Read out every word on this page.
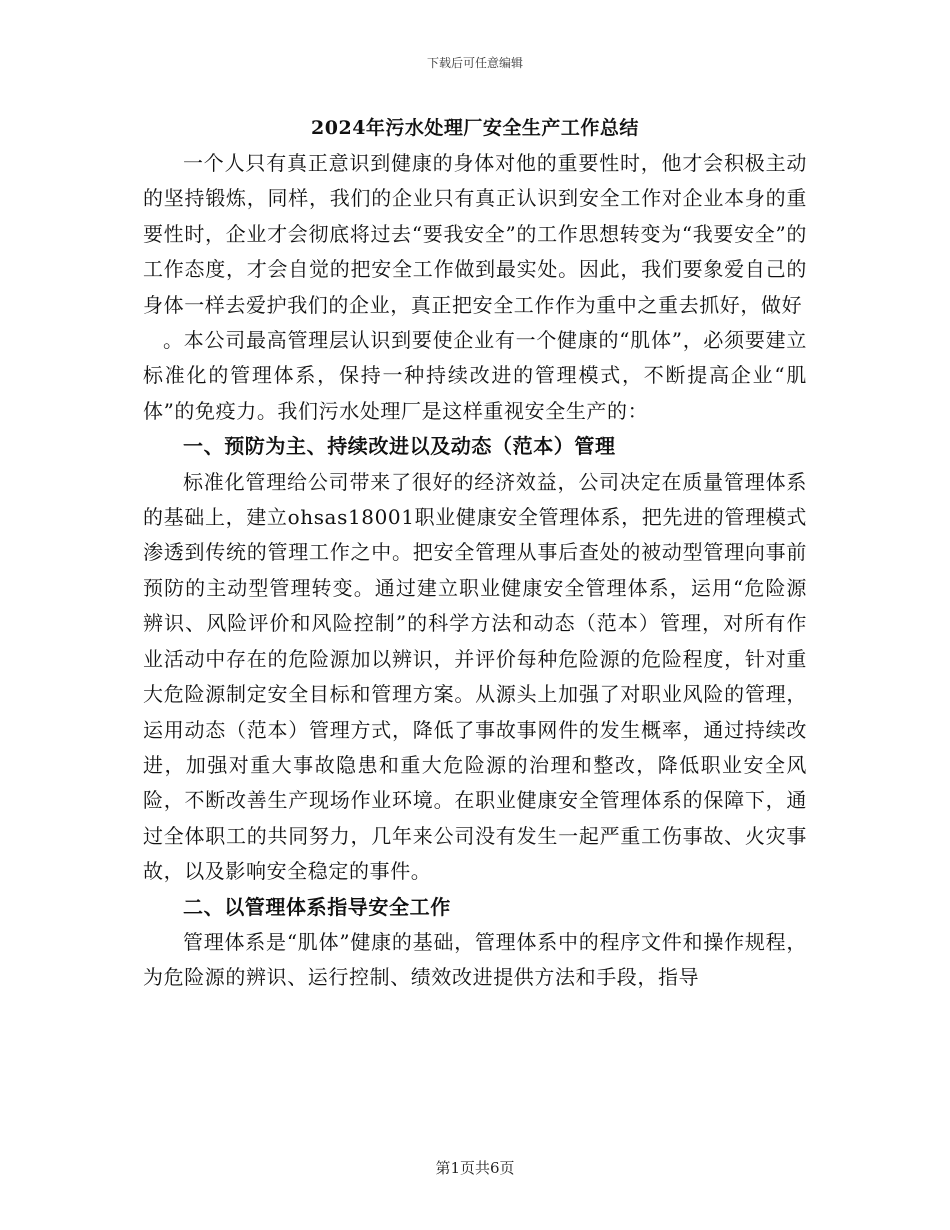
下载后可任意编辑
2024年污水处理厂安全生产工作总结

一个人只有真正意识到健康的身体对他的重要性时，他才会积极主动的坚持锻炼，同样，我们的企业只有真正认识到安全工作对企业本身的重要性时，企业才会彻底将过去“要我安全”的工作思想转变为“我要安全”的工作态度，才会自觉的把安全工作做到最实处。因此，我们要象爱自己的身体一样去爱护我们的企业，真正把安全工作作为重中之重去抓好，做好

。本公司最高管理层认识到要使企业有一个健康的“肌体”，必须要建立标准化的管理体系，保持一种持续改进的管理模式，不断提高企业“肌体”的免疫力。我们污水处理厂是这样重视安全生产的：

一、预防为主、持续改进以及动态（范本）管理

标准化管理给公司带来了很好的经济效益，公司决定在质量管理体系的基础上，建立ohsas18001职业健康安全管理体系，把先进的管理模式渗透到传统的管理工作之中。把安全管理从事后查处的被动型管理向事前预防的主动型管理转变。通过建立职业健康安全管理体系，运用“危险源辨识、风险评价和风险控制”的科学方法和动态（范本）管理，对所有作业活动中存在的危险源加以辨识，并评价每种危险源的危险程度，针对重大危险源制定安全目标和管理方案。从源头上加强了对职业风险的管理，运用动态（范本）管理方式，降低了事故事网件的发生概率，通过持续改进，加强对重大事故隐患和重大危险源的治理和整改，降低职业安全风险，不断改善生产现场作业环境。在职业健康安全管理体系的保障下，通过全体职工的共同努力，几年来公司没有发生一起严重工伤事故、火灾事故，以及影响安全稳定的事件。

二、以管理体系指导安全工作

管理体系是“肌体”健康的基础，管理体系中的程序文件和操作规程，为危险源的辨识、运行控制、绩效改进提供方法和手段，指导

第1页共6页
